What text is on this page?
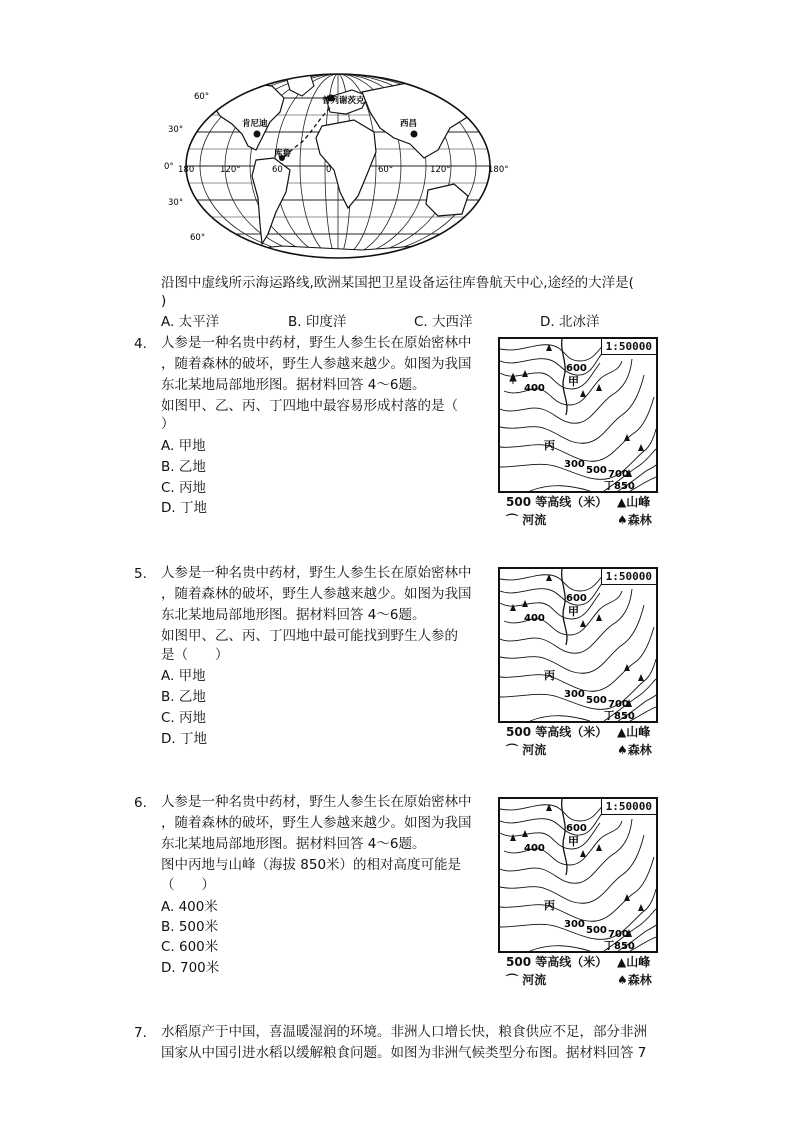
肯尼迪
普列谢茨克
库鲁
西昌
60°
30°
0°
30°
60°
180	120°	60	0	60°	120°	180°
沿图中虚线所示海运路线,欧洲某国把卫星设备运往库鲁航天中心,途经的大洋是(
)
A. 太平洋	B. 印度洋	C. 大西洋	D. 北冰洋
4. 人参是一种名贵中药材，野生人参生长在原始密林中
，随着森林的破坏，野生人参越来越少。如图为我国
东北某地局部地形图。据材料回答 4～6题。
如图甲、乙、丙、丁四地中最容易形成村落的是（
）
A. 甲地
B. 乙地
C. 丙地
D. 丁地
5. 人参是一种名贵中药材，野生人参生长在原始密林中
，随着森林的破坏，野生人参越来越少。如图为我国
东北某地局部地形图。据材料回答 4～6题。
如图甲、乙、丙、丁四地中最可能找到野生人参的
是（　　）
A. 甲地
B. 乙地
C. 丙地
D. 丁地
6. 人参是一种名贵中药材，野生人参生长在原始密林中
，随着森林的破坏，野生人参越来越少。如图为我国
东北某地局部地形图。据材料回答 4～6题。
图中丙地与山峰（海拔 850米）的相对高度可能是
（　　）
A. 400米
B. 500米
C. 600米
D. 700米
7. 水稻原产于中国，喜温暖湿润的环境。非洲人口增长快，粮食供应不足，部分非洲
国家从中国引进水稻以缓解粮食问题。如图为非洲气候类型分布图。据材料回答 7
1:50000
600
400
甲
丙
300
500 700
丁 850
500 等高线（米） ▲山峰
⌒ 河流	♠森林
1:50000
600
400
甲
丙
300
500 700
丁 850
500 等高线（米） ▲山峰
⌒ 河流	♠森林
1:50000
600
400
甲
丙
300
500 700
丁 850
500 等高线（米） ▲山峰
⌒ 河流	♠森林
